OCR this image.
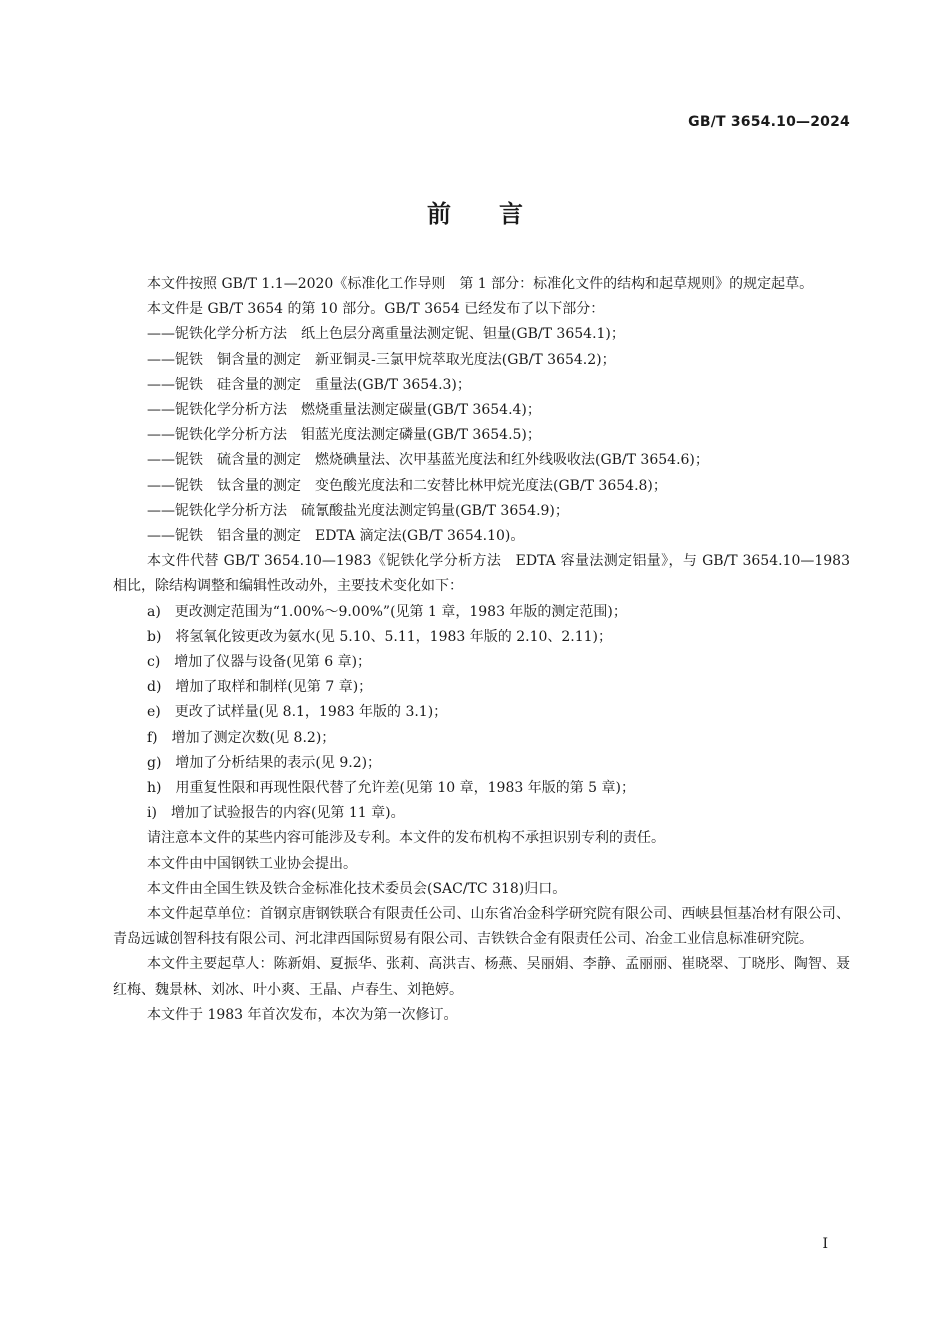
GB/T 3654.10—2024
前 言

本文件按照 GB/T 1.1—2020《标准化工作导则　第 1 部分：标准化文件的结构和起草规则》的规定起草。

本文件是 GB/T 3654 的第 10 部分。GB/T 3654 已经发布了以下部分：

——铌铁化学分析方法　纸上色层分离重量法测定铌、钽量(GB/T 3654.1)；

——铌铁　铜含量的测定　新亚铜灵-三氯甲烷萃取光度法(GB/T 3654.2)；

——铌铁　硅含量的测定　重量法(GB/T 3654.3)；

——铌铁化学分析方法　燃烧重量法测定碳量(GB/T 3654.4)；

——铌铁化学分析方法　钼蓝光度法测定磷量(GB/T 3654.5)；

——铌铁　硫含量的测定　燃烧碘量法、次甲基蓝光度法和红外线吸收法(GB/T 3654.6)；

——铌铁　钛含量的测定　变色酸光度法和二安替比林甲烷光度法(GB/T 3654.8)；

——铌铁化学分析方法　硫氰酸盐光度法测定钨量(GB/T 3654.9)；

——铌铁　铝含量的测定　EDTA 滴定法(GB/T 3654.10)。

本文件代替 GB/T 3654.10—1983《铌铁化学分析方法　EDTA 容量法测定铝量》，与 GB/T 3654.10—1983 相比，除结构调整和编辑性改动外，主要技术变化如下：

a)　更改测定范围为“1.00%～9.00%”(见第 1 章，1983 年版的测定范围)；

b)　将氢氧化铵更改为氨水(见 5.10、5.11，1983 年版的 2.10、2.11)；

c)　增加了仪器与设备(见第 6 章)；

d)　增加了取样和制样(见第 7 章)；

e)　更改了试样量(见 8.1，1983 年版的 3.1)；

f)　增加了测定次数(见 8.2)；

g)　增加了分析结果的表示(见 9.2)；

h)　用重复性限和再现性限代替了允许差(见第 10 章，1983 年版的第 5 章)；

i)　增加了试验报告的内容(见第 11 章)。

请注意本文件的某些内容可能涉及专利。本文件的发布机构不承担识别专利的责任。

本文件由中国钢铁工业协会提出。

本文件由全国生铁及铁合金标准化技术委员会(SAC/TC 318)归口。

本文件起草单位：首钢京唐钢铁联合有限责任公司、山东省冶金科学研究院有限公司、西峡县恒基冶材有限公司、青岛远诚创智科技有限公司、河北津西国际贸易有限公司、吉铁铁合金有限责任公司、冶金工业信息标准研究院。

本文件主要起草人：陈新娟、夏振华、张莉、高洪吉、杨燕、吴丽娟、李静、孟丽丽、崔晓翠、丁晓彤、陶智、聂红梅、魏景林、刘冰、叶小爽、王晶、卢春生、刘艳婷。

本文件于 1983 年首次发布，本次为第一次修订。

I
